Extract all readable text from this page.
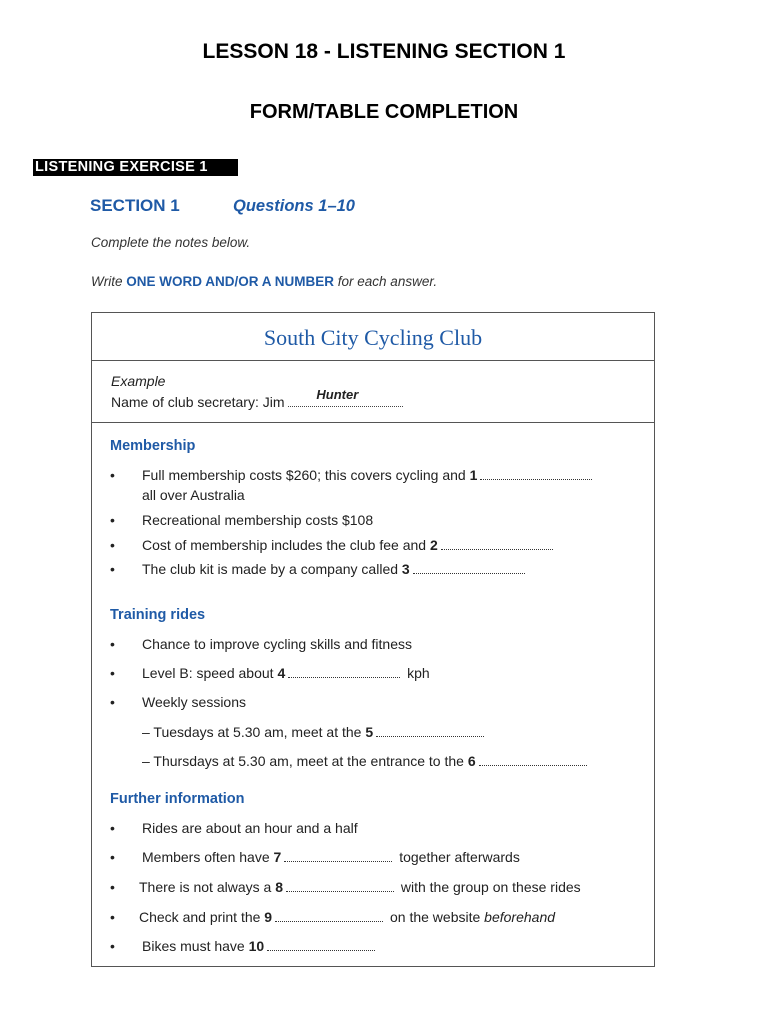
LESSON 18 - LISTENING SECTION 1
FORM/TABLE COMPLETION
LISTENING EXERCISE 1
SECTION 1	Questions 1–10
Complete the notes below.
Write ONE WORD AND/OR A NUMBER for each answer.
South City Cycling Club
Example
Name of club secretary: Jim Hunter
Membership
• Full membership costs $260; this covers cycling and 1
all over Australia
• Recreational membership costs $108
• Cost of membership includes the club fee and 2
• The club kit is made by a company called 3
Training rides
• Chance to improve cycling skills and fitness
• Level B: speed about 4	kph
• Weekly sessions
– Tuesdays at 5.30 am, meet at the 5
– Thursdays at 5.30 am, meet at the entrance to the 6
Further information
• Rides are about an hour and a half
• Members often have 7	together afterwards
• There is not always a 8	with the group on these rides
• Check and print the 9	on the website beforehand
• Bikes must have 10
